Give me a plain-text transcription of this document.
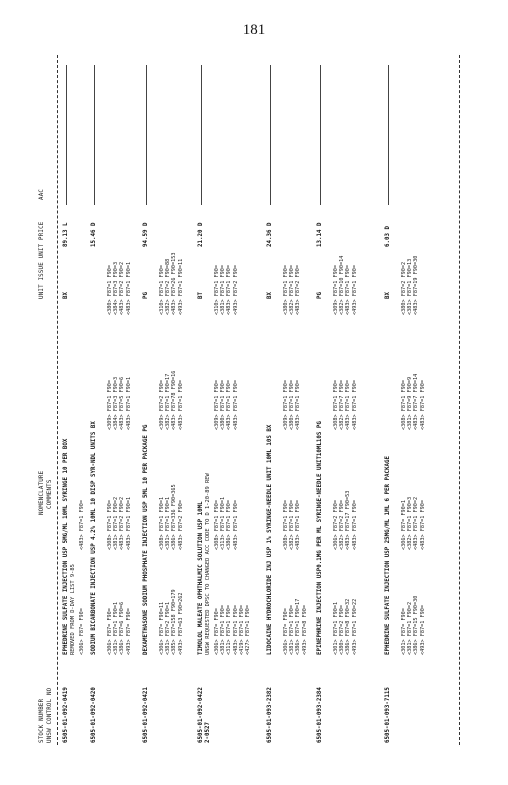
181
STOCK NUMBER UNSW CONTROL NO
NOMENCLATURE COMMENTS
UNIT ISSUE UNIT PRICE
AAC
6505-01-092-0419
EPHEDRINE SULFATE INJECTION USP 5MG/ML 10ML SYRINGE 10 PER BOX REMOVED FROM D-DAY LIST 9-85
BX
89.13 L
<306> F87= F90=
<483> F87=1 F90=
6505-01-092-0420
SODIUM BICARBONATE INJECTION USP 4.2% 10ML 10 DISP SYR-NDL UNITS BX
15.46 D
<306> F87= F90=
<381> F87=1 F90=1
<386> F87=6 F90=6
<493> F87= F90=
<308> F87=1 F90=
<381> F87=1 F90=2
<483> F87=2 F90=2
<483> F87=1 F90=1
<309> F87=1 F90=
<384> F87=3 F90=3
<483> F87=5 F90=6
<483> F87=1 F90=1
<380> F87=1 F90=
<384> F87=3 F90=3
<483> F87=2 F90=2
<483> F87=1 F90=1
6505-01-092-0421
DEXAMETHASONE SODIUM PHOSPHATE INJECTION USP 5ML 10 PER PACKAGE PG
PG
94.59 D
<306> F87= F90=11
<381> F87=2 F90=1
<385> F87=158 F90=179
<493> F87=63 F90=262
<308> F87=1 F90=1
<381> F87=1 F90=1
<386> F87=336 F90=365
<483> F87=2 F90=
<309> F87=2 F90=
<382> F87=1 F90=17
<483> F87=78 F90=16
<483> F87=1 F90=
<310> F87=1 F90=
<382> F87=2 F90=88
<483> F87=26 F90=153
<493> F87=1 F90=11
6505-01-092-0422 2-0527
TIMOLOL MALEATE OPHTHALMIC SOLUTION USP 10ML UNSW REQUESTED DPSC TO CHANGED ACC CODE TO D 1-20-89 REW
BT
21.20 D
<306> F87= F90=
<381> F87=1 F90=
<311> F87=1 F90=
<483> F87=1 F90=
<419> F87=1 F90=
<427> F87=1 F90=
<308> F87=1 F90=
<313> F87=1 F90=1
<386> F87=1 F90=
<483> F87=1 F90=
<309> F87=1 F90=
<380> F87=1 F90=
<483> F87=1 F90=
<483> F87=1 F90=
<310> F87=1 F90=
<381> F87=1 F90=
<483> F87=1 F90=
<493> F87=2 F90=
6505-01-093-2382
LIDOCAINE HYDROCHLORIDE INJ USP 1% SYRINGE-NEEDLE UNIT 10ML 10S BX
BX
24.36 D
<306> F87= F90=
<381> F87=1 F90=
<386> F87=1 F90=17
<493> F87=8 F90=
<308> F87=1 F90=
<382> F87=1 F90=
<483> F87=1 F90=
<309> F87=1 F90=
<380> F87=1 F90=
<483> F87=1 F90=
<380> F87=1 F90=
<382> F87=1 F90=
<483> F87=2 F90=
6505-01-093-2384
EPINEPHRINE INJECTION USP0.1MG PER ML SYRINGE-NEEDLE UNIT10ML10S PG
PG
13.14 D
<301> F87=1 F90=1
<380> F87=2 F90=
<386> F87=8 F90=32
<493> F87=1 F90=22
<306> F87=2 F90=
<382> F87=2 F90=
<483> F87=17 F90=53
<483> F87=1 F90=
<308> F87=1 F90=
<382> F87=7 F90=
<483> F87=1 F90=
<483> F87=1 F90=
<309> F87=1 F90=
<382> F87=10 F90=14
<483> F87=1 F90=
<493> F87=1 F90=
6505-01-093-7115
EPHEDRINE SULFATE INJECTION USP 25MG/ML 1ML 6 PER PACKAGE
BX
6.03 D
<301> F87= F90=
<381> F87=1 F90=2
<386> F87=15 F90=30
<493> F87=1 F90=
<306> F87= F90=1
<382> F87=1 F90=3
<483> F87=1 F90=2
<483> F87=1 F90=
<308> F87=1 F90=
<381> F87=9 F90=9
<483> F87=7 F90=14
<483> F87=1 F90=
<380> F87=2 F90=2
<381> F87=1 F90=13
<483> F87=19 F90=30
